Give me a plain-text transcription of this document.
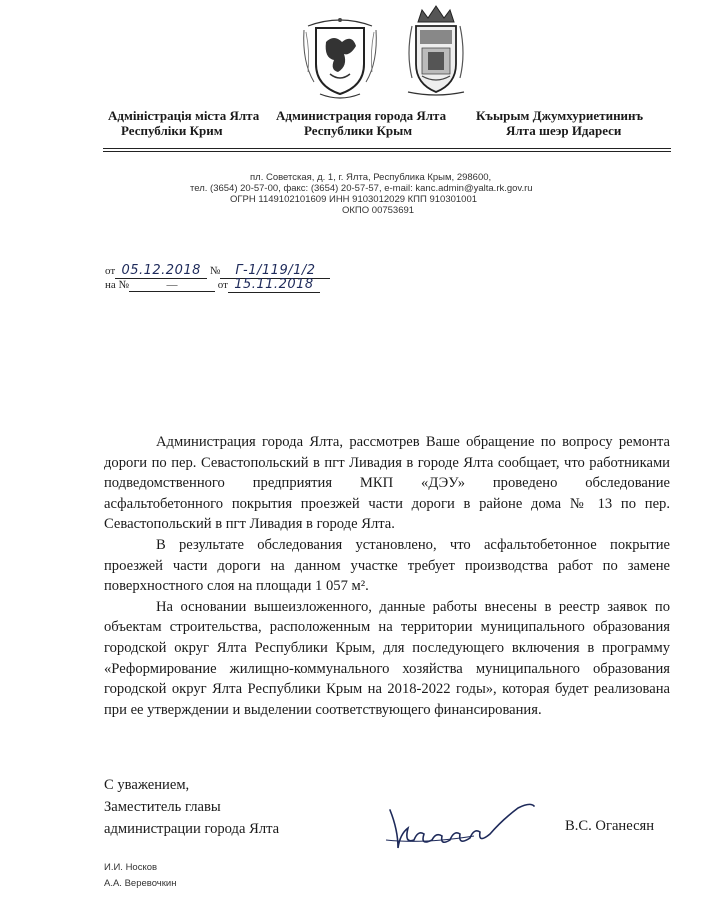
Адміністрація міста Ялта
Республіки Крим
Администрация города Ялта
Республики Крым
Къырым Джумхуриетининъ
Ялта шеэр Идареси
пл. Советская, д. 1, г. Ялта, Республика Крым, 298600,
тел. (3654) 20-57-00, факс: (3654) 20-57-57, e-mail: kanc.admin@yalta.rk.gov.ru
ОГРН 1149102101609 ИНН 9103012029 КПП 910301001
ОКПО 00753691
от 05.12.2018 № Г-1/119/1/2
на №	—	от 15.11.2018

Администрация города Ялта, рассмотрев Ваше обращение по вопросу ремонта дороги по пер. Севастопольский в пгт Ливадия в городе Ялта сообщает, что работниками подведомственного предприятия МКП «ДЭУ» проведено обследование асфальтобетонного покрытия проезжей части дороги в районе дома № 13 по пер. Севастопольский в пгт Ливадия в городе Ялта.

В результате обследования установлено, что асфальтобетонное покрытие проезжей части дороги на данном участке требует производства работ по замене поверхностного слоя на площади 1 057 м².

На основании вышеизложенного, данные работы внесены в реестр заявок по объектам строительства, расположенным на территории муниципального образования городской округ Ялта Республики Крым, для последующего включения в программу «Реформирование жилищно-коммунального хозяйства муниципального образования городской округ Ялта Республики Крым на 2018-2022 годы», которая будет реализована при ее утверждении и выделении соответствующего финансирования.

С уважением,
Заместитель главы
администрации города Ялта	В.С. Оганесян
И.И. Носков
А.А. Веревочкин
